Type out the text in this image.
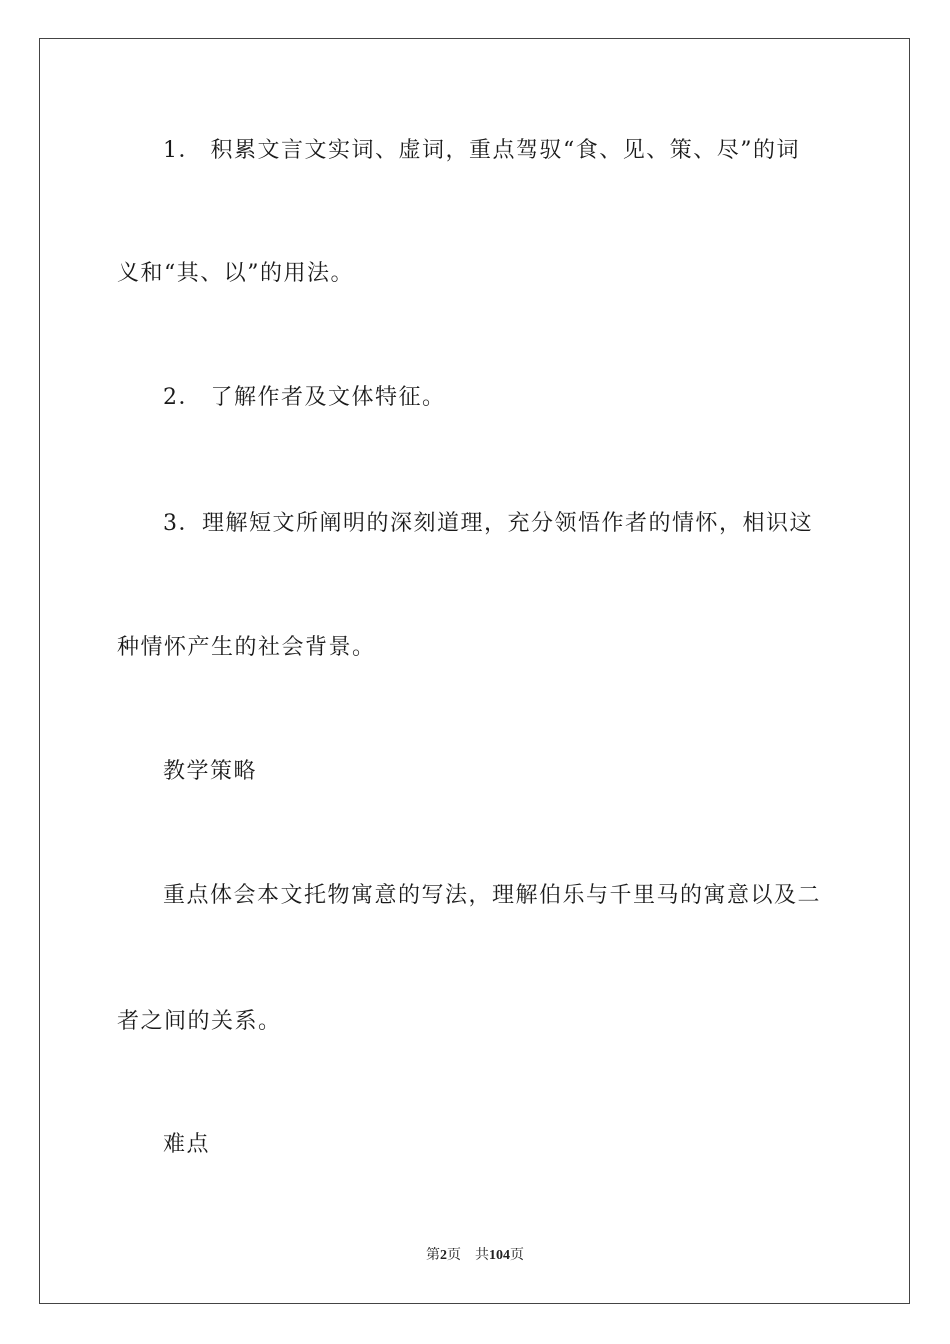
1． 积累文言文实词、虚词，重点驾驭“食、见、策、尽”的词
义和“其、以”的用法。
2． 了解作者及文体特征。
3．理解短文所阐明的深刻道理，充分领悟作者的情怀，相识这
种情怀产生的社会背景。
教学策略
重点体会本文托物寓意的写法，理解伯乐与千里马的寓意以及二
者之间的关系。
难点
第2页 共104页
